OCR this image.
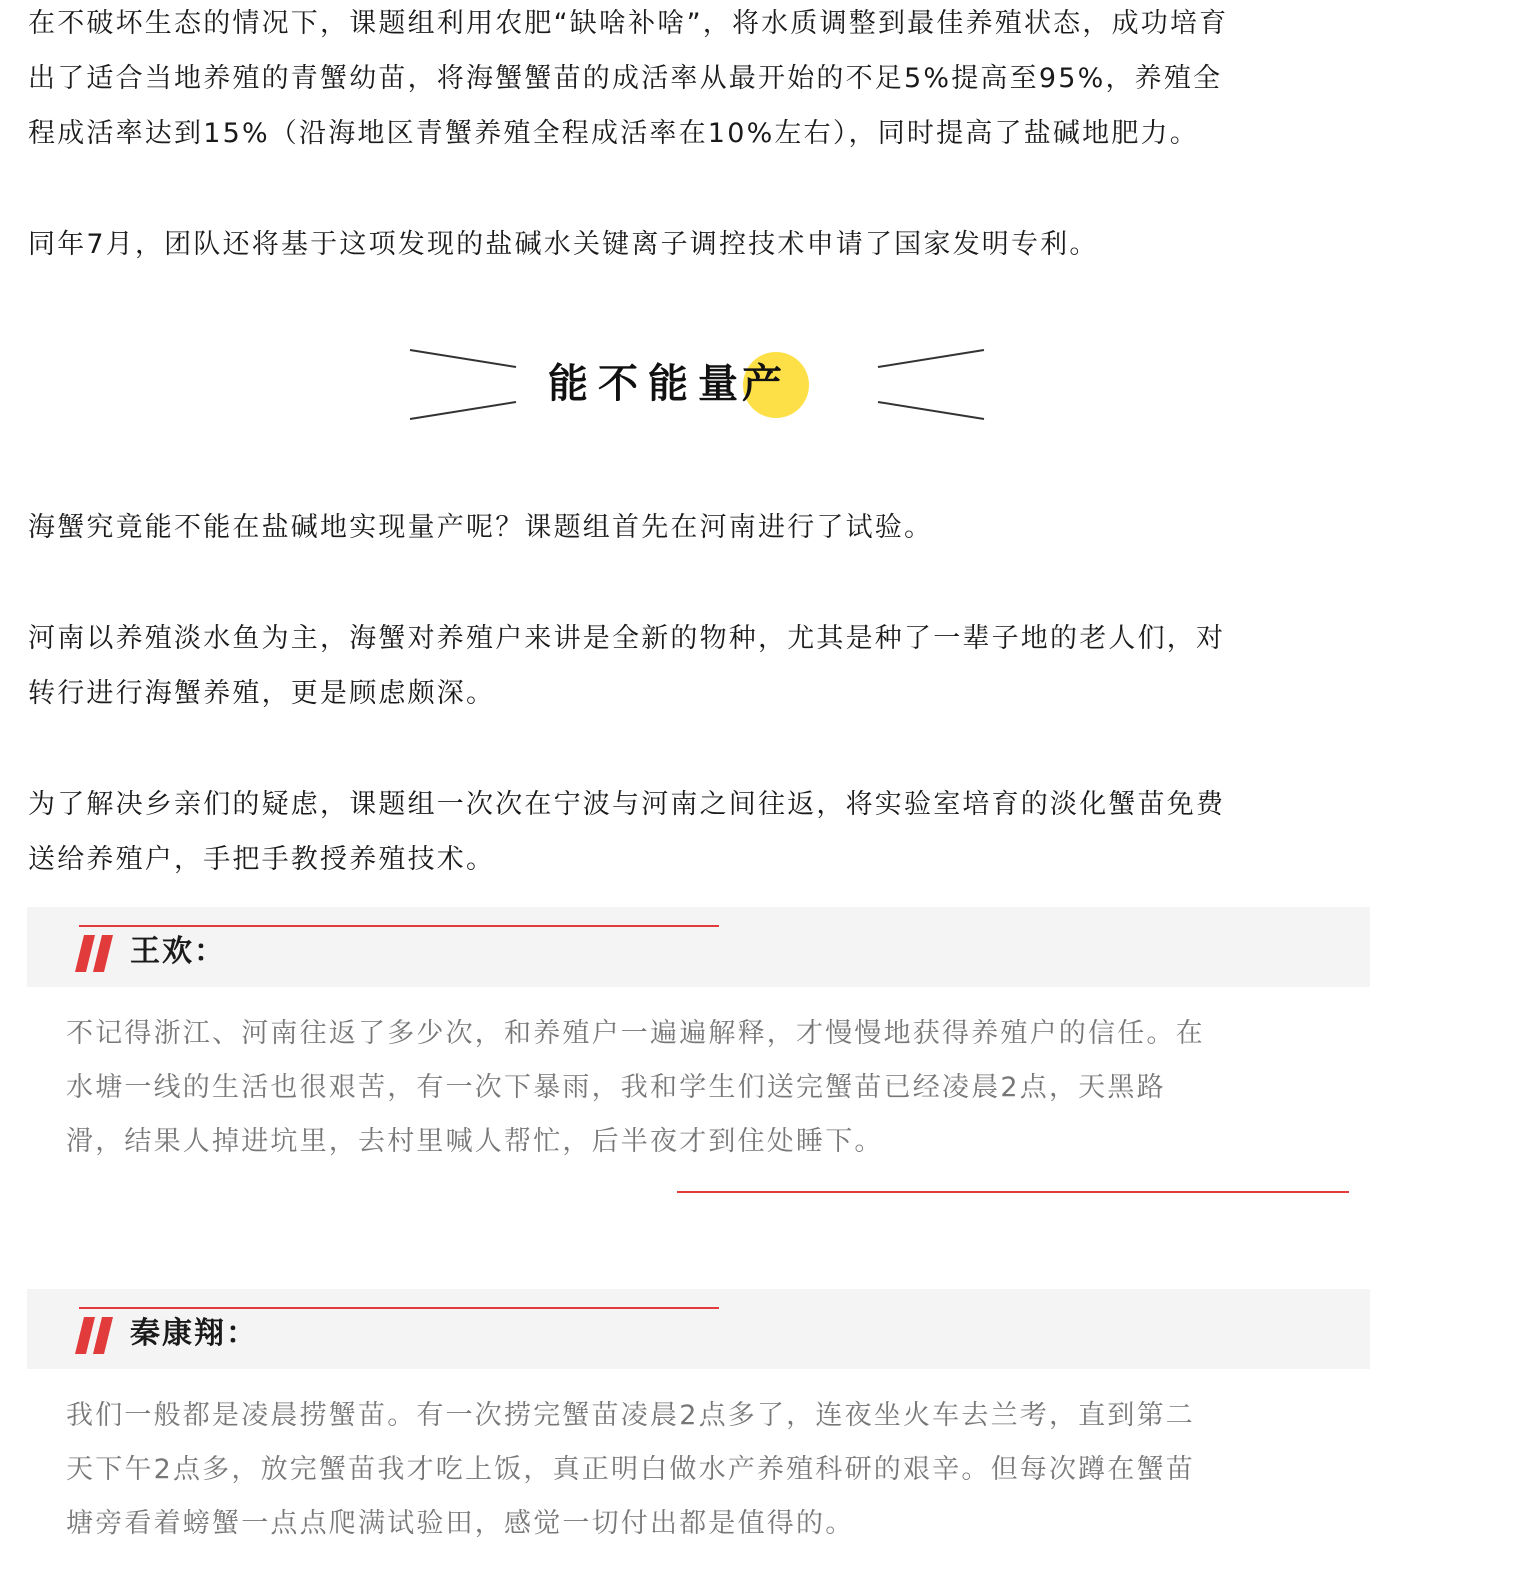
在不破坏生态的情况下，课题组利用农肥“缺啥补啥”，将水质调整到最佳养殖状态，成功培育
出了适合当地养殖的青蟹幼苗，将海蟹蟹苗的成活率从最开始的不足5%提高至95%，养殖全
程成活率达到15%（沿海地区青蟹养殖全程成活率在10%左右），同时提高了盐碱地肥力。
同年7月，团队还将基于这项发现的盐碱水关键离子调控技术申请了国家发明专利。
能不能量
产
海蟹究竟能不能在盐碱地实现量产呢？课题组首先在河南进行了试验。
河南以养殖淡水鱼为主，海蟹对养殖户来讲是全新的物种，尤其是种了一辈子地的老人们，对
转行进行海蟹养殖，更是顾虑颇深。
为了解决乡亲们的疑虑，课题组一次次在宁波与河南之间往返，将实验室培育的淡化蟹苗免费
送给养殖户，手把手教授养殖技术。
王欢：
不记得浙江、河南往返了多少次，和养殖户一遍遍解释，才慢慢地获得养殖户的信任。在
水塘一线的生活也很艰苦，有一次下暴雨，我和学生们送完蟹苗已经凌晨2点，天黑路
滑，结果人掉进坑里，去村里喊人帮忙，后半夜才到住处睡下。
秦康翔：
我们一般都是凌晨捞蟹苗。有一次捞完蟹苗凌晨2点多了，连夜坐火车去兰考，直到第二
天下午2点多，放完蟹苗我才吃上饭，真正明白做水产养殖科研的艰辛。但每次蹲在蟹苗
塘旁看着螃蟹一点点爬满试验田，感觉一切付出都是值得的。
